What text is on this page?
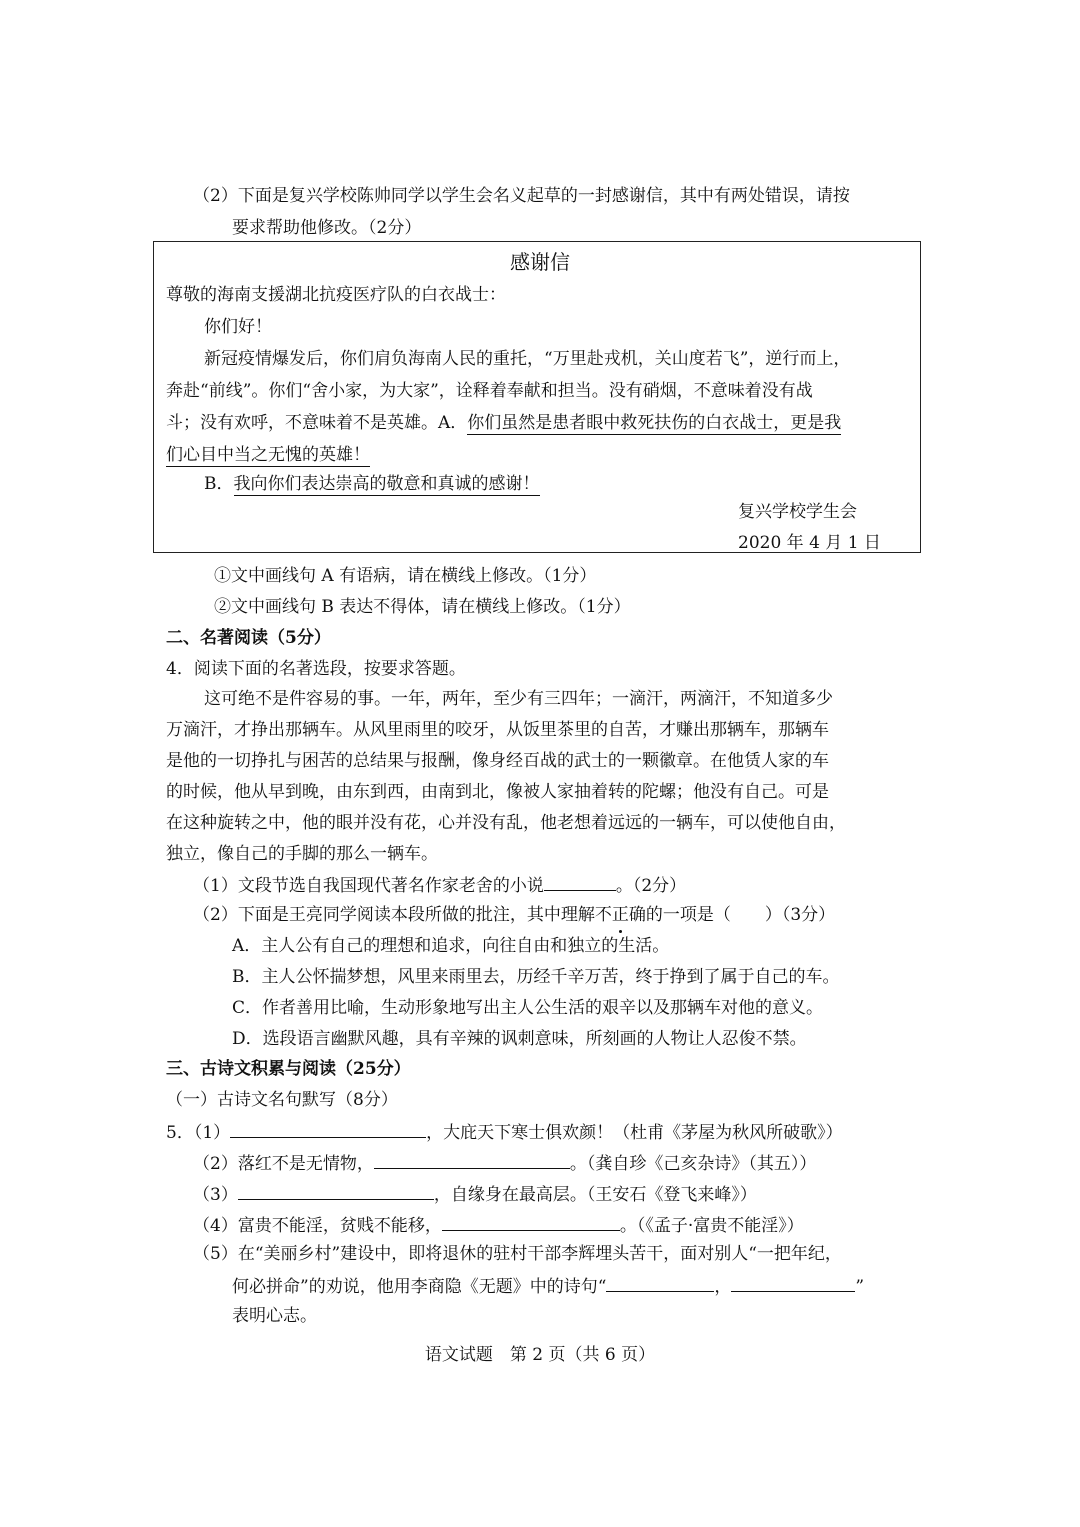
（2）下面是复兴学校陈帅同学以学生会名义起草的一封感谢信，其中有两处错误，请按
要求帮助他修改。（2分）
感谢信
尊敬的海南支援湖北抗疫医疗队的白衣战士：
你们好！
新冠疫情爆发后，你们肩负海南人民的重托，“万里赴戎机，关山度若飞”，逆行而上，
奔赴“前线”。你们“舍小家，为大家”，诠释着奉献和担当。没有硝烟，不意味着没有战
斗；没有欢呼，不意味着不是英雄。A．你们虽然是患者眼中救死扶伤的白衣战士，更是我
们心目中当之无愧的英雄！
B．我向你们表达崇高的敬意和真诚的感谢！
复兴学校学生会
2020 年 4 月 1 日
①文中画线句 A 有语病，请在横线上修改。（1分）
②文中画线句 B 表达不得体，请在横线上修改。（1分）
二、名著阅读（5分）
4．阅读下面的名著选段，按要求答题。
这可绝不是件容易的事。一年，两年，至少有三四年；一滴汗，两滴汗，不知道多少
万滴汗，才挣出那辆车。从风里雨里的咬牙，从饭里茶里的自苦，才赚出那辆车，那辆车
是他的一切挣扎与困苦的总结果与报酬，像身经百战的武士的一颗徽章。在他赁人家的车
的时候，他从早到晚，由东到西，由南到北，像被人家抽着转的陀螺；他没有自己。可是
在这种旋转之中，他的眼并没有花，心并没有乱，他老想着远远的一辆车，可以使他自由，
独立，像自己的手脚的那么一辆车。
（1）文段节选自我国现代著名作家老舍的小说	。（2分）
（2）下面是王亮同学阅读本段所做的批注，其中理解不正确的一项是（　　）（3分）
A．主人公有自己的理想和追求，向往自由和独立的生活。
B．主人公怀揣梦想，风里来雨里去，历经千辛万苦，终于挣到了属于自己的车。
C．作者善用比喻，生动形象地写出主人公生活的艰辛以及那辆车对他的意义。
D．选段语言幽默风趣，具有辛辣的讽刺意味，所刻画的人物让人忍俊不禁。
三、古诗文积累与阅读（25分）
（一）古诗文名句默写（8分）
5．（1）	，大庇天下寒士俱欢颜！（杜甫《茅屋为秋风所破歌》）
（2）落红不是无情物，	。（龚自珍《己亥杂诗》（其五））
（3）	，自缘身在最高层。（王安石《登飞来峰》）
（4）富贵不能淫，贫贱不能移，	。（《孟子·富贵不能淫》）
（5）在“美丽乡村”建设中，即将退休的驻村干部李辉埋头苦干，面对别人“一把年纪，
何必拼命”的劝说，他用李商隐《无题》中的诗句“	，	”
表明心志。
语文试题　第 2 页（共 6 页）
